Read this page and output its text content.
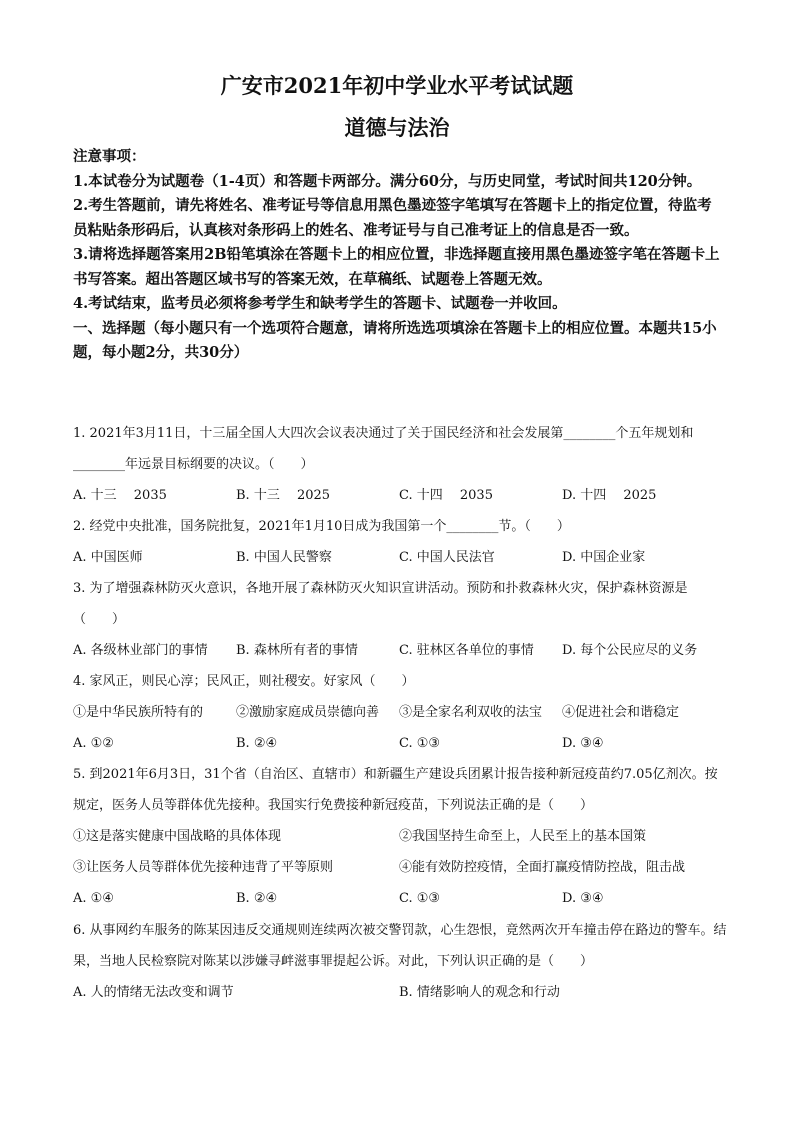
广安市2021年初中学业水平考试试题
道德与法治

注意事项：

1.本试卷分为试题卷（1-4页）和答题卡两部分。满分60分，与历史同堂，考试时间共120分钟。

2.考生答题前，请先将姓名、准考证号等信息用黑色墨迹签字笔填写在答题卡上的指定位置，待监考员粘贴条形码后，认真核对条形码上的姓名、准考证号与自己准考证上的信息是否一致。

3.请将选择题答案用2B铅笔填涂在答题卡上的相应位置，非选择题直接用黑色墨迹签字笔在答题卡上书写答案。超出答题区域书写的答案无效，在草稿纸、试题卷上答题无效。

4.考试结束，监考员必须将参考学生和缺考学生的答题卡、试题卷一并收回。

一、选择题（每小题只有一个选项符合题意，请将所选选项填涂在答题卡上的相应位置。本题共15小题，每小题2分，共30分）

1. 2021年3月11日，十三届全国人大四次会议表决通过了关于国民经济和社会发展第________个五年规划和________年远景目标纲要的决议。（　　）

A. 十三　 2035	B. 十三　 2025	C. 十四　 2035	D. 十四　 2025

2. 经党中央批准，国务院批复，2021年1月10日成为我国第一个________节。（　　）

A. 中国医师	B. 中国人民警察	C. 中国人民法官	D. 中国企业家

3. 为了增强森林防灭火意识，各地开展了森林防灭火知识宣讲活动。预防和扑救森林火灾，保护森林资源是（　　）

A. 各级林业部门的事情	B. 森林所有者的事情	C. 驻林区各单位的事情	D. 每个公民应尽的义务

4. 家风正，则民心淳；民风正，则社稷安。好家风（　　）

①是中华民族所特有的	②激励家庭成员崇德向善	③是全家名利双收的法宝	④促进社会和谐稳定
A. ①②	B. ②④	C. ①③	D. ③④

5. 到2021年6月3日，31个省（自治区、直辖市）和新疆生产建设兵团累计报告接种新冠疫苗约7.05亿剂次。按规定，医务人员等群体优先接种。我国实行免费接种新冠疫苗，下列说法正确的是（　　）

①这是落实健康中国战略的具体体现	②我国坚持生命至上，人民至上的基本国策
③让医务人员等群体优先接种违背了平等原则	④能有效防控疫情，全面打赢疫情防控战，阻击战
A. ①④	B. ②④	C. ①③	D. ③④

6. 从事网约车服务的陈某因违反交通规则连续两次被交警罚款，心生怨恨，竟然两次开车撞击停在路边的警车。结果，当地人民检察院对陈某以涉嫌寻衅滋事罪提起公诉。对此，下列认识正确的是（　　）

A. 人的情绪无法改变和调节	B. 情绪影响人的观念和行动
